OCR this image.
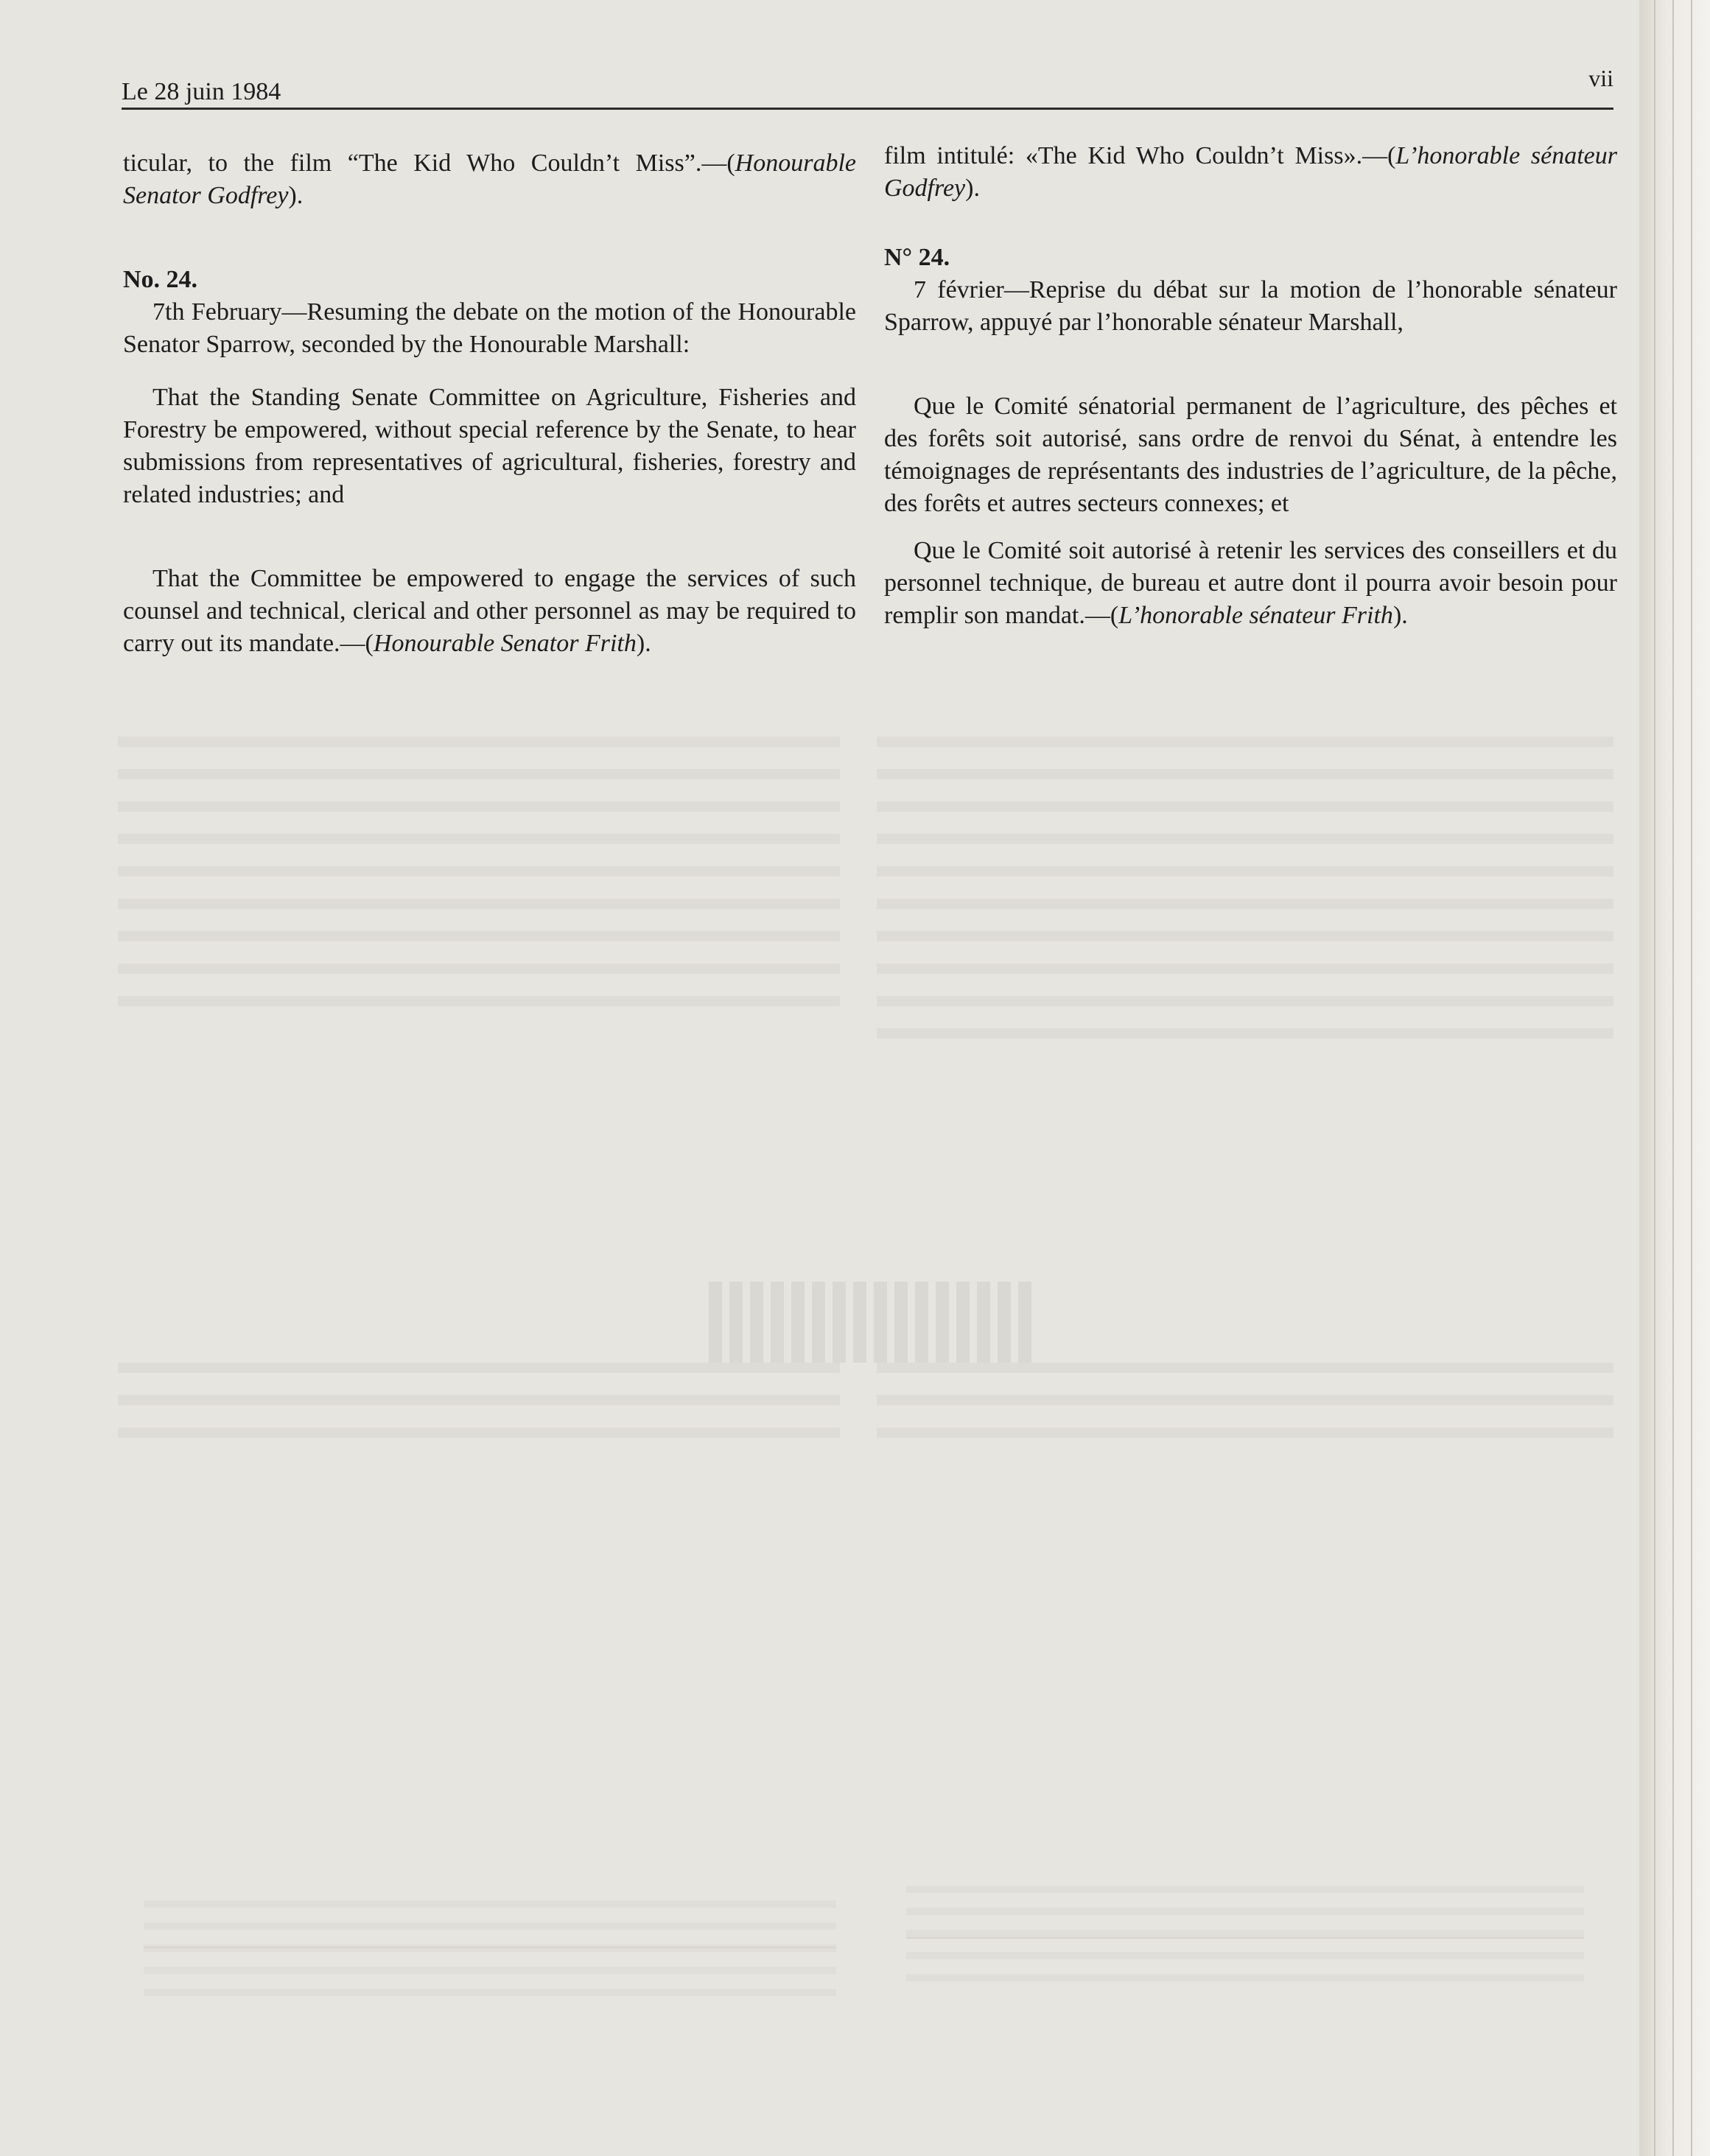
Le 28 juin 1984	vii

ticular, to the film “The Kid Who Couldn’t Miss”.—(Honourable Senator Godfrey).

No. 24.

7th February—Resuming the debate on the motion of the Honourable Senator Sparrow, seconded by the Honourable Marshall:

That the Standing Senate Committee on Agriculture, Fisheries and Forestry be empowered, without special reference by the Senate, to hear submissions from representatives of agricultural, fisheries, forestry and related industries; and

That the Committee be empowered to engage the services of such counsel and technical, clerical and other personnel as may be required to carry out its mandate.—(Honourable Senator Frith).

film intitulé: «The Kid Who Couldn’t Miss».—(L’honorable sénateur Godfrey).

N° 24.

7 février—Reprise du débat sur la motion de l’honorable sénateur Sparrow, appuyé par l’honorable sénateur Marshall,

Que le Comité sénatorial permanent de l’agriculture, des pêches et des forêts soit autorisé, sans ordre de renvoi du Sénat, à entendre les témoignages de représentants des industries de l’agriculture, de la pêche, des forêts et autres secteurs connexes; et

Que le Comité soit autorisé à retenir les services des conseillers et du personnel technique, de bureau et autre dont il pourra avoir besoin pour remplir son mandat.—(L’honorable sénateur Frith).
